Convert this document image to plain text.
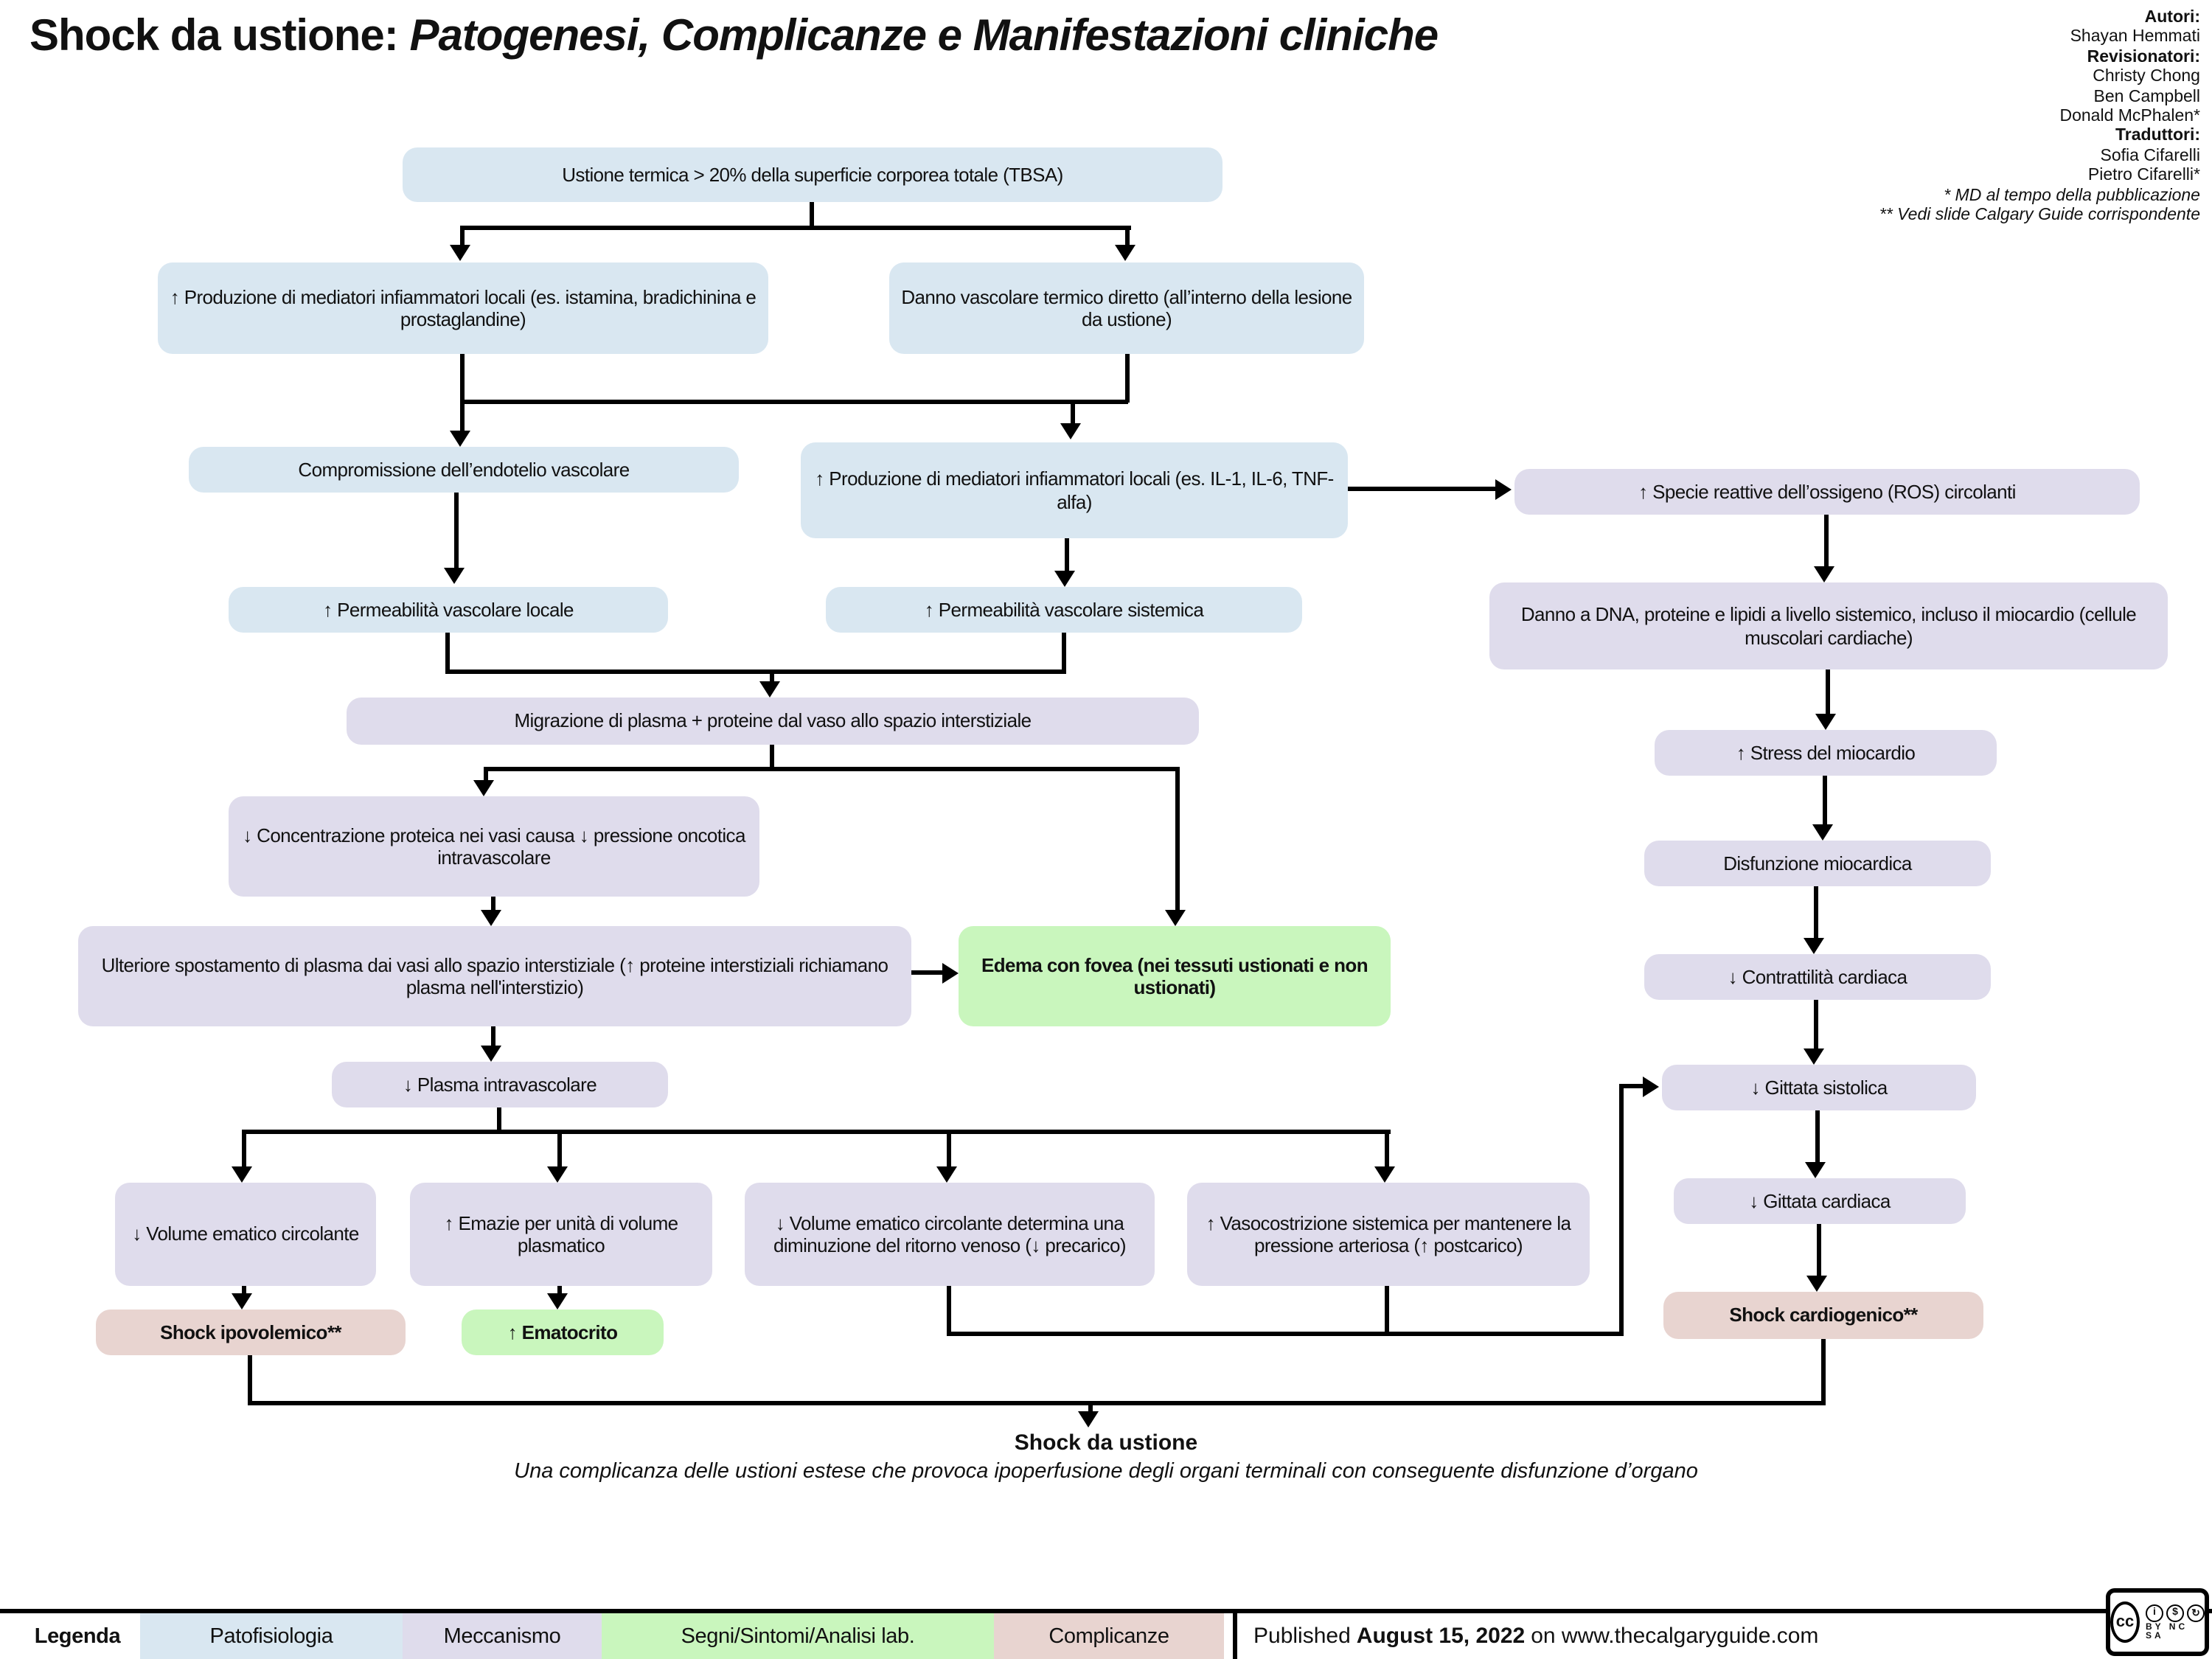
Shock da ustione: Patogenesi, Complicanze e Manifestazioni cliniche	Autori:
Shayan Hemmati
Revisionatori:
Christy Chong
Ben Campbell
Donald McPhalen*
Traduttori:
Sofia Cifarelli
Pietro Cifarelli*
* MD al tempo della pubblicazione
** Vedi slide Calgary Guide corrispondente
Ustione termica > 20% della superficie corporea totale (TBSA)
↑ Produzione di mediatori infiammatori locali (es. istamina, bradichinina e prostaglandine)
Danno vascolare termico diretto (all’interno della lesione da ustione)
Compromissione dell’endotelio vascolare	↑ Produzione di mediatori infiammatori locali (es. IL-1, IL-6, TNF-alfa)	↑ Specie reattive dell’ossigeno (ROS) circolanti
↑ Permeabilità vascolare locale	↑ Permeabilità vascolare sistemica	Danno a DNA, proteine e lipidi a livello sistemico, incluso il miocardio (cellule muscolari cardiache)
Migrazione di plasma + proteine dal vaso allo spazio interstiziale
↑ Stress del miocardio
↓ Concentrazione proteica nei vasi causa ↓ pressione oncotica intravascolare	Disfunzione miocardica
Ulteriore spostamento di plasma dai vasi allo spazio interstiziale (↑ proteine interstiziali richiamano plasma nell'interstizio)
Edema con fovea (nei tessuti ustionati e non ustionati)	↓ Contrattilità cardiaca
↓ Plasma intravascolare	↓ Gittata sistolica
↓ Volume ematico circolante
↑ Emazie per unità di volume plasmatico
↓ Volume ematico circolante determina una diminuzione del ritorno venoso (↓ precarico)
↑ Vasocostrizione sistemica per mantenere la pressione arteriosa (↑ postcarico)
↓ Gittata cardiaca
Shock ipovolemico**	↑ Ematocrito
Shock cardiogenico**
Shock da ustione
Una complicanza delle ustioni estese che provoca ipoperfusione degli organi terminali con conseguente disfunzione d’organo
Legenda	Patofisiologia	Meccanismo	Segni/Sintomi/Analisi lab.	Complicanze	Published August 15, 2022 on www.thecalgaryguide.com
cc
i	$	↻
BY NC SA
